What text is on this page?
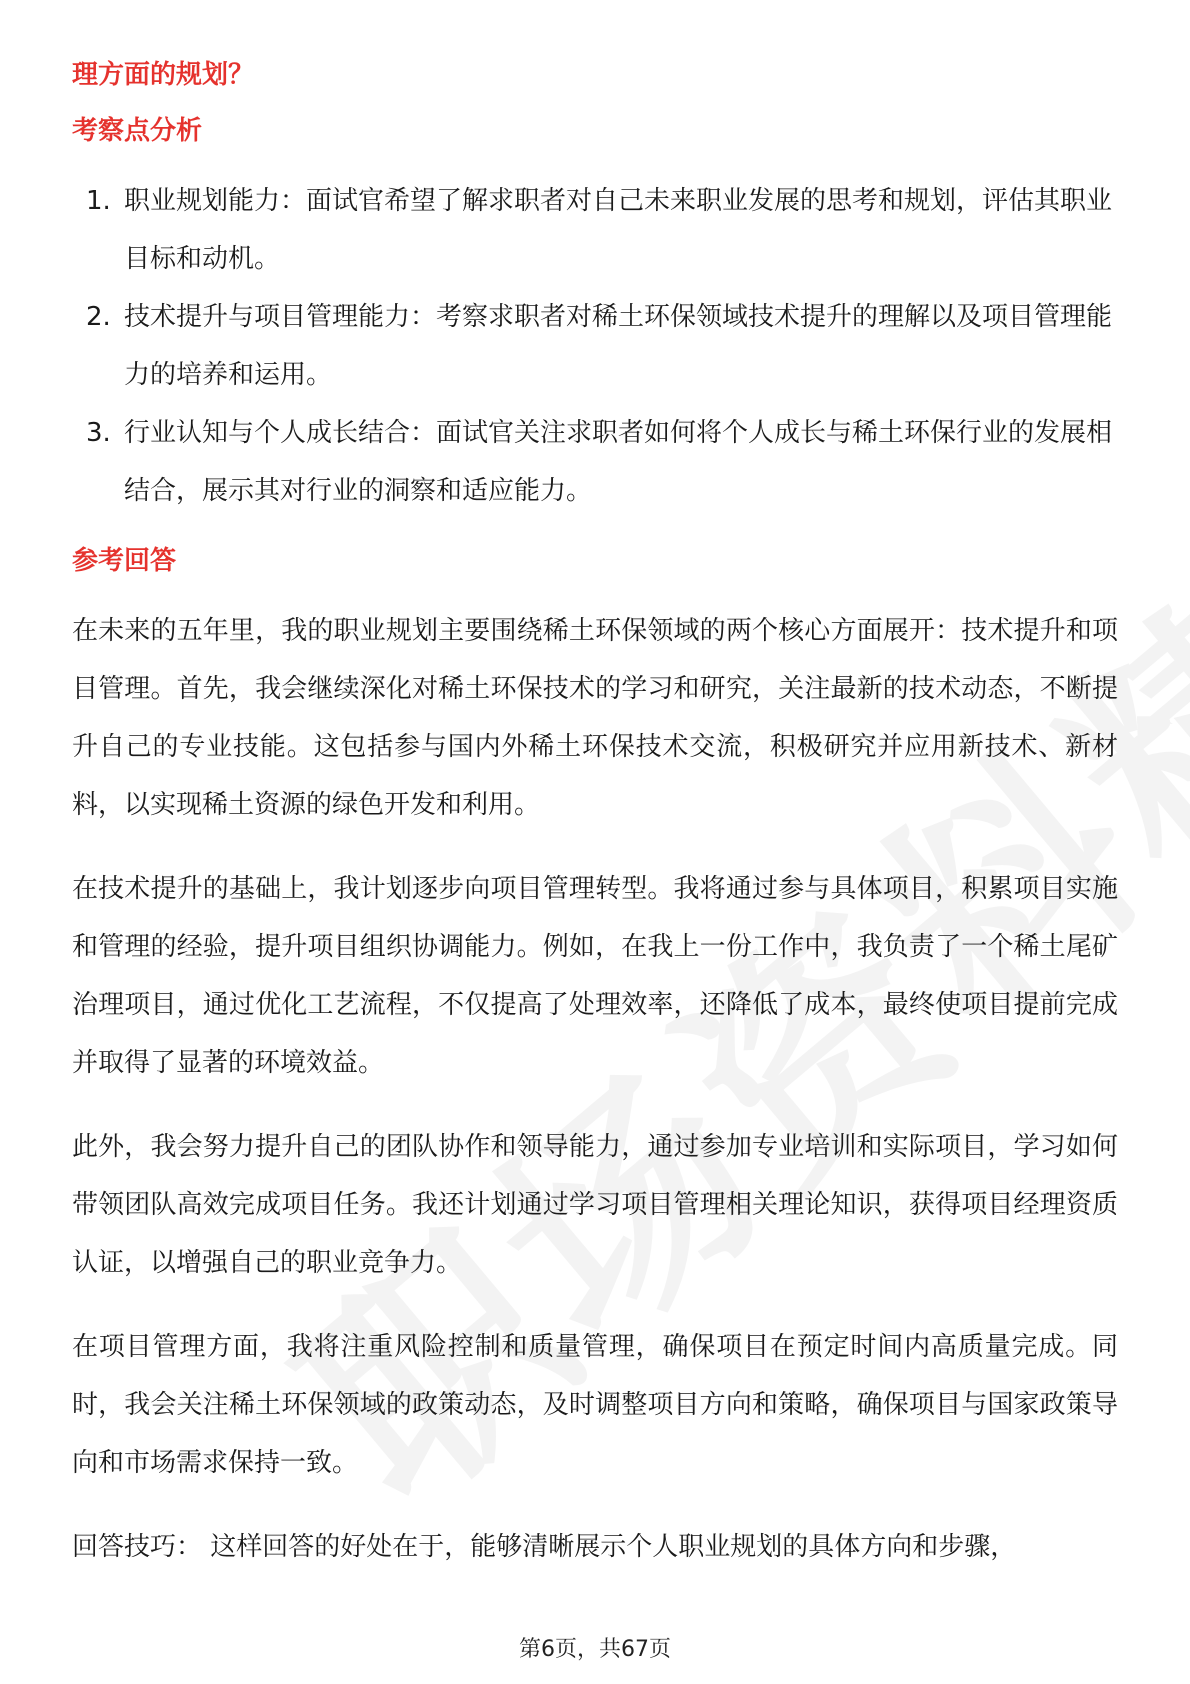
理方面的规划？
考察点分析
1. 职业规划能力：面试官希望了解求职者对自己未来职业发展的思考和规划，评估其职业目标和动机。
2. 技术提升与项目管理能力：考察求职者对稀土环保领域技术提升的理解以及项目管理能力的培养和运用。
3. 行业认知与个人成长结合：面试官关注求职者如何将个人成长与稀土环保行业的发展相结合，展示其对行业的洞察和适应能力。
参考回答

在未来的五年里，我的职业规划主要围绕稀土环保领域的两个核心方面展开：技术提升和项目管理。首先，我会继续深化对稀土环保技术的学习和研究，关注最新的技术动态，不断提升自己的专业技能。这包括参与国内外稀土环保技术交流，积极研究并应用新技术、新材料，以实现稀土资源的绿色开发和利用。

在技术提升的基础上，我计划逐步向项目管理转型。我将通过参与具体项目，积累项目实施和管理的经验，提升项目组织协调能力。例如，在我上一份工作中，我负责了一个稀土尾矿治理项目，通过优化工艺流程，不仅提高了处理效率，还降低了成本，最终使项目提前完成并取得了显著的环境效益。

此外，我会努力提升自己的团队协作和领导能力，通过参加专业培训和实际项目，学习如何带领团队高效完成项目任务。我还计划通过学习项目管理相关理论知识，获得项目经理资质认证，以增强自己的职业竞争力。

在项目管理方面，我将注重风险控制和质量管理，确保项目在预定时间内高质量完成。同时，我会关注稀土环保领域的政策动态，及时调整项目方向和策略，确保项目与国家政策导向和市场需求保持一致。

回答技巧： 这样回答的好处在于，能够清晰展示个人职业规划的具体方向和步骤，

第6页，共67页
